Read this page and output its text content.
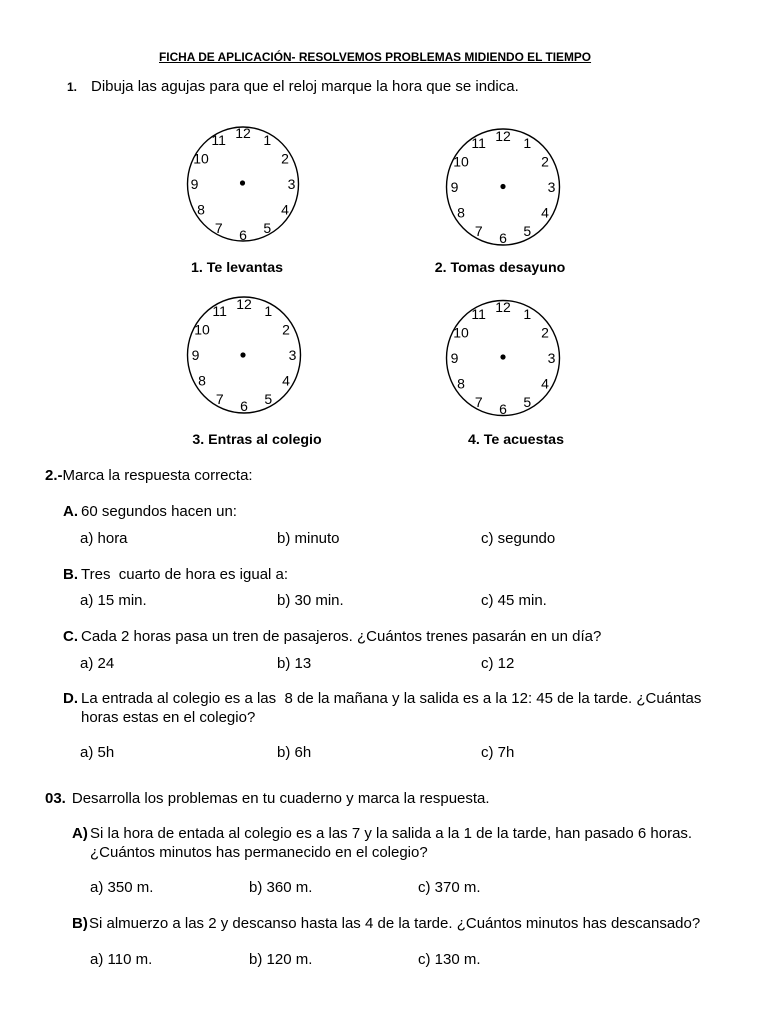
FICHA DE APLICACIÓN- RESOLVEMOS PROBLEMAS MIDIENDO EL TIEMPO
1. Dibuja las agujas para que el reloj marque la hora que se indica.
12 1
2
3
4
5
6
7
8
9
10
11	12 1
2
3
4
5
6
7
8
9
10
11
12 1
2
3
4
5
6
7
8
9
10
11	12 1
2
3
4
5
6
7
8
9
10
11
1. Te levantas	2. Tomas desayuno
3. Entras al colegio	4. Te acuestas
2.-Marca la respuesta correcta:
A. 60 segundos hacen un:
a) hora	b) minuto	c) segundo
B. Tres  cuarto de hora es igual a:
a) 15 min.	b) 30 min.	c) 45 min.
C. Cada 2 horas pasa un tren de pasajeros. ¿Cuántos trenes pasarán en un día?
a) 24	b) 13	c) 12
D. La entrada al colegio es a las  8 de la mañana y la salida es a la 12: 45 de la tarde. ¿Cuántas
horas estas en el colegio?
a) 5h	b) 6h	c) 7h
03. Desarrolla los problemas en tu cuaderno y marca la respuesta.
A) Si la hora de entada al colegio es a las 7 y la salida a la 1 de la tarde, han pasado 6 horas.
¿Cuántos minutos has permanecido en el colegio?
a) 350 m.	b) 360 m.	c) 370 m.
B) Si almuerzo a las 2 y descanso hasta las 4 de la tarde. ¿Cuántos minutos has descansado?
a) 110 m.	b) 120 m.	c) 130 m.
